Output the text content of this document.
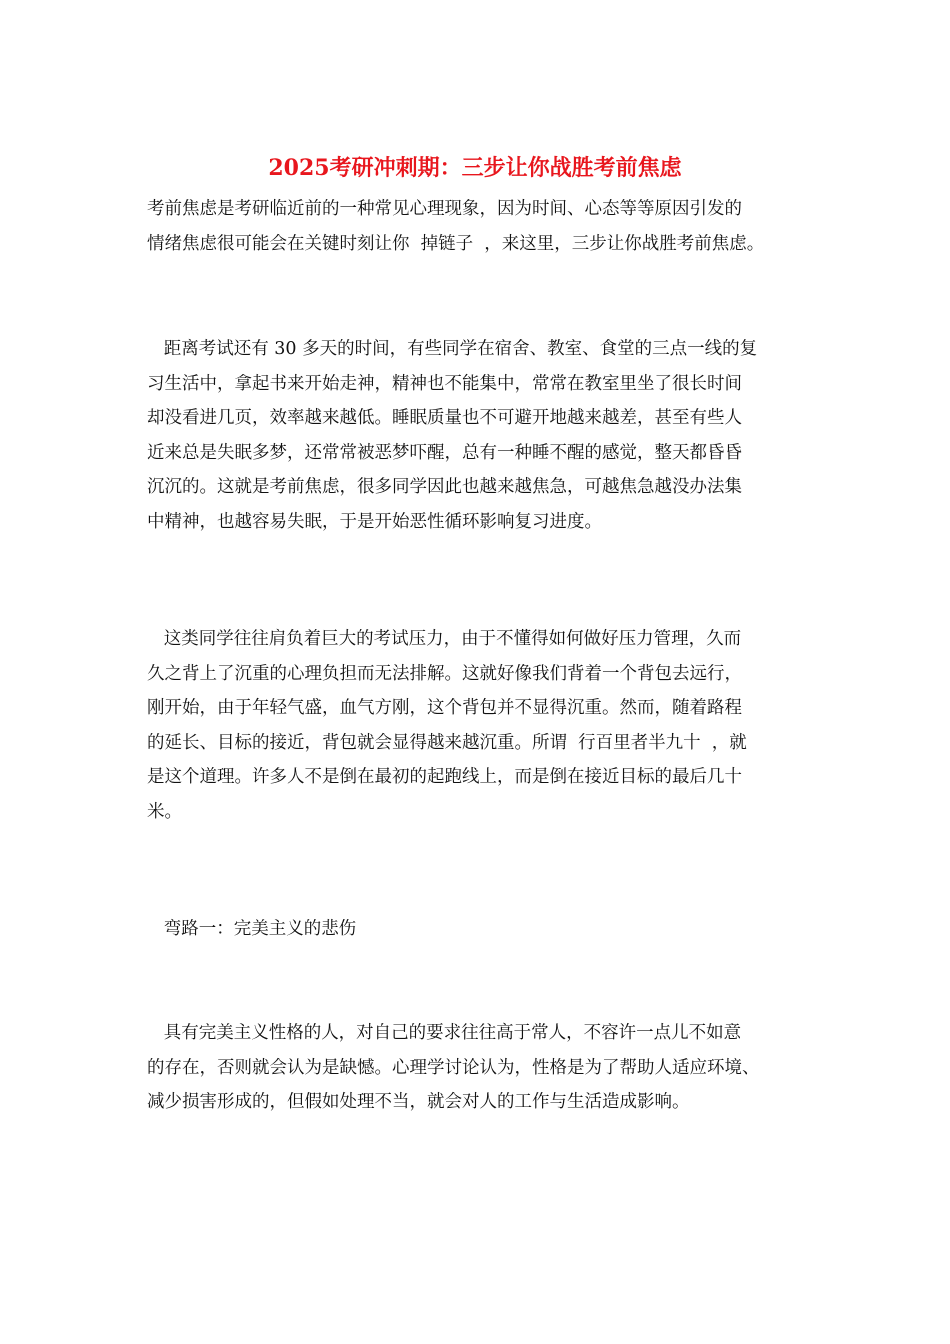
2025考研冲刺期：三步让你战胜考前焦虑
考前焦虑是考研临近前的一种常见心理现象，因为时间、心态等等原因引发的
情绪焦虑很可能会在关键时刻让你  掉链子  ，来这里，三步让你战胜考前焦虑。
距离考试还有 30 多天的时间，有些同学在宿舍、教室、食堂的三点一线的复
习生活中，拿起书来开始走神，精神也不能集中，常常在教室里坐了很长时间
却没看进几页，效率越来越低。睡眠质量也不可避开地越来越差，甚至有些人
近来总是失眠多梦，还常常被恶梦吓醒，总有一种睡不醒的感觉，整天都昏昏
沉沉的。这就是考前焦虑，很多同学因此也越来越焦急，可越焦急越没办法集
中精神，也越容易失眠，于是开始恶性循环影响复习进度。
这类同学往往肩负着巨大的考试压力，由于不懂得如何做好压力管理，久而
久之背上了沉重的心理负担而无法排解。这就好像我们背着一个背包去远行，
刚开始，由于年轻气盛，血气方刚，这个背包并不显得沉重。然而，随着路程
的延长、目标的接近，背包就会显得越来越沉重。所谓  行百里者半九十  ，就
是这个道理。许多人不是倒在最初的起跑线上，而是倒在接近目标的最后几十
米。
弯路一：完美主义的悲伤
具有完美主义性格的人，对自己的要求往往高于常人，不容许一点儿不如意
的存在，否则就会认为是缺憾。心理学讨论认为，性格是为了帮助人适应环境、
减少损害形成的，但假如处理不当，就会对人的工作与生活造成影响。
